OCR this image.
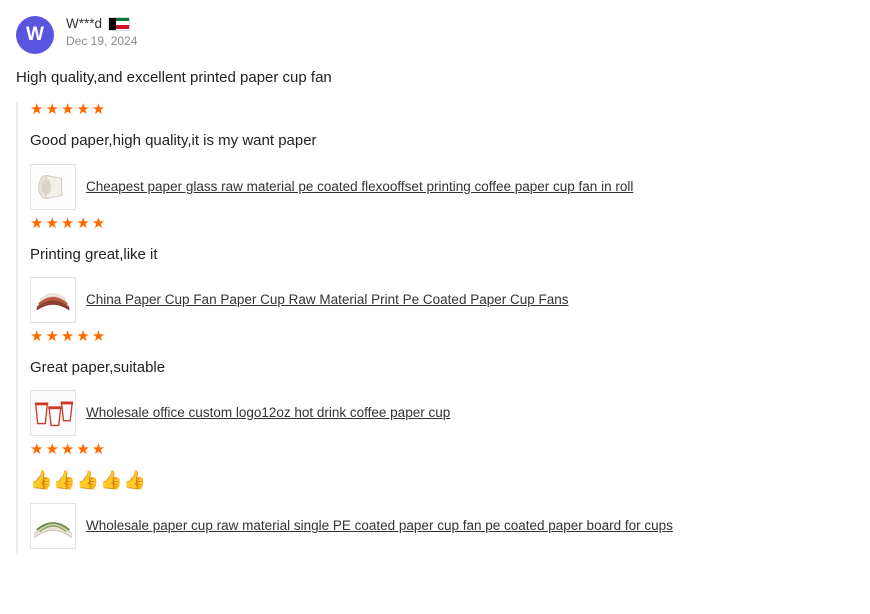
W
W***d
Dec 19, 2024
High quality,and excellent printed paper cup fan
★★★★★
Good paper,high quality,it is my want paper
Cheapest paper glass raw material pe coated flexooffset printing coffee paper cup fan in roll
★★★★★
Printing great,like it
China Paper Cup Fan Paper Cup Raw Material Print Pe Coated Paper Cup Fans
★★★★★
Great paper,suitable
Wholesale office custom logo12oz hot drink coffee paper cup
★★★★★
👍👍👍👍👍
Wholesale paper cup raw material single PE coated paper cup fan pe coated paper board for cups
